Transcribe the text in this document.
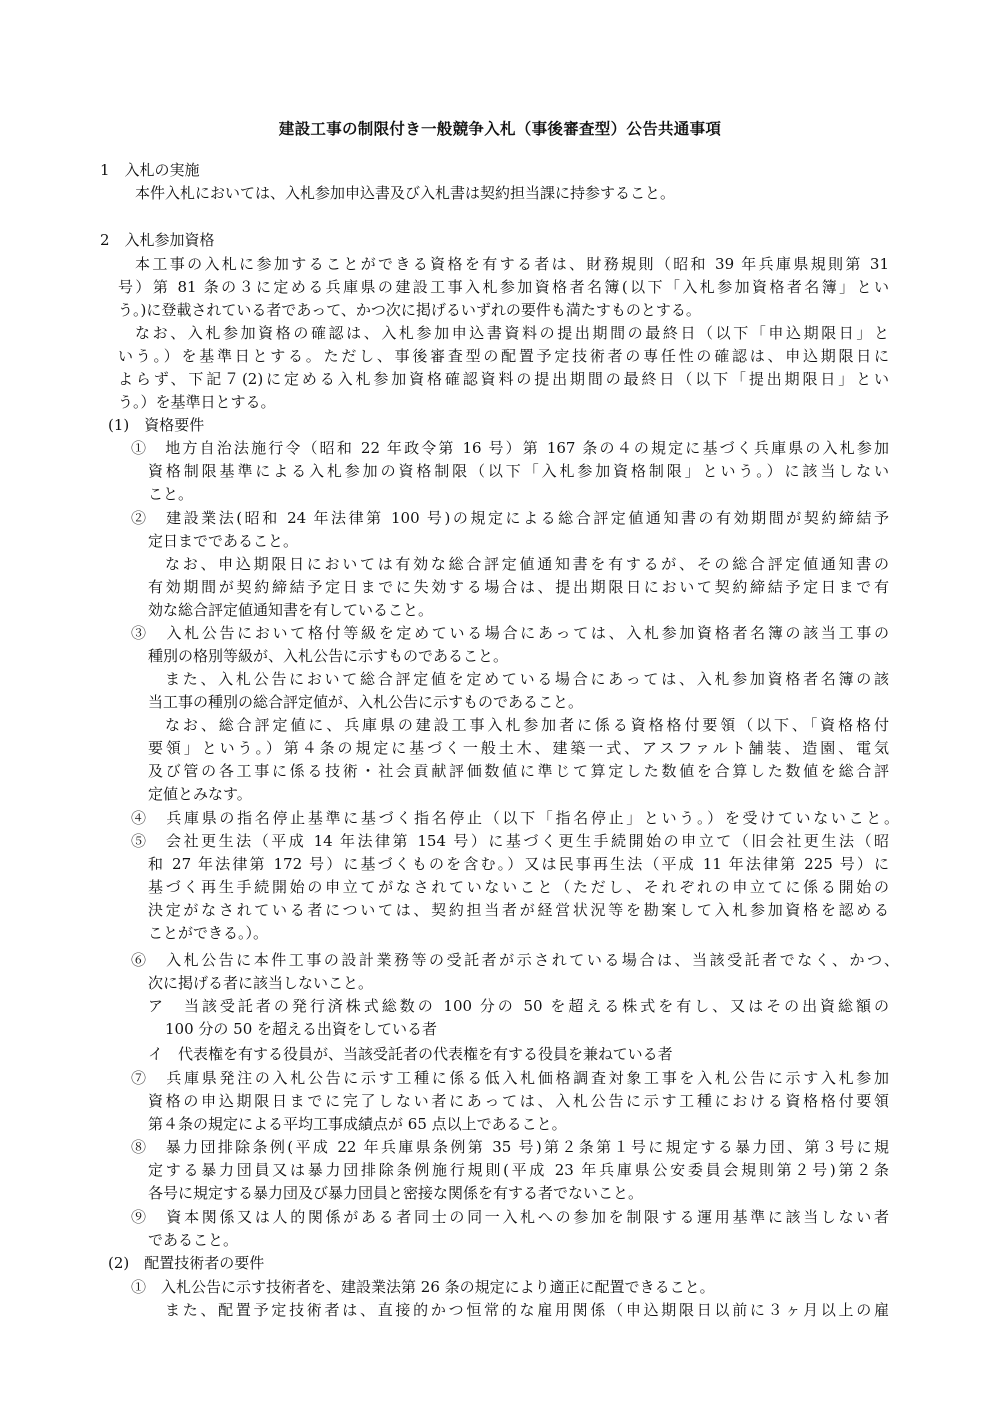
建設工事の制限付き一般競争入札（事後審査型）公告共通事項
1　入札の実施
本件入札においては、入札参加申込書及び入札書は契約担当課に持参すること。
2　入札参加資格
本工事の入札に参加することができる資格を有する者は、財務規則（昭和 39 年兵庫県規則第 31
号）第 81 条の３に定める兵庫県の建設工事入札参加資格者名簿(以下「入札参加資格者名簿」とい
う。)に登載されている者であって、かつ次に掲げるいずれの要件も満たすものとする。
なお、入札参加資格の確認は、入札参加申込書資料の提出期間の最終日（以下「申込期限日」と
いう。）を基準日とする。ただし、事後審査型の配置予定技術者の専任性の確認は、申込期限日に
よらず、下記７(2)に定める入札参加資格確認資料の提出期間の最終日（以下「提出期限日」とい
う。）を基準日とする。
(1)　資格要件
①　地方自治法施行令（昭和 22 年政令第 16 号）第 167 条の４の規定に基づく兵庫県の入札参加
資格制限基準による入札参加の資格制限（以下「入札参加資格制限」という。）に該当しない
こと。
②　建設業法(昭和 24 年法律第 100 号)の規定による総合評定値通知書の有効期間が契約締結予
定日までであること。
なお、申込期限日においては有効な総合評定値通知書を有するが、その総合評定値通知書の
有効期間が契約締結予定日までに失効する場合は、提出期限日において契約締結予定日まで有
効な総合評定値通知書を有していること。
③　入札公告において格付等級を定めている場合にあっては、入札参加資格者名簿の該当工事の
種別の格別等級が、入札公告に示すものであること。
また、入札公告において総合評定値を定めている場合にあっては、入札参加資格者名簿の該
当工事の種別の総合評定値が、入札公告に示すものであること。
なお、総合評定値に、兵庫県の建設工事入札参加者に係る資格格付要領（以下、「資格格付
要領」という。）第４条の規定に基づく一般土木、建築一式、アスファルト舗装、造園、電気
及び管の各工事に係る技術・社会貢献評価数値に準じて算定した数値を合算した数値を総合評
定値とみなす。
④　兵庫県の指名停止基準に基づく指名停止（以下「指名停止」という。）を受けていないこと。
⑤　会社更生法（平成 14 年法律第 154 号）に基づく更生手続開始の申立て（旧会社更生法（昭
和 27 年法律第 172 号）に基づくものを含む。）又は民事再生法（平成 11 年法律第 225 号）に
基づく再生手続開始の申立てがなされていないこと（ただし、それぞれの申立てに係る開始の
決定がなされている者については、契約担当者が経営状況等を勘案して入札参加資格を認める
ことができる。）。
⑥　入札公告に本件工事の設計業務等の受託者が示されている場合は、当該受託者でなく、かつ、
次に掲げる者に該当しないこと。
ア　当該受託者の発行済株式総数の 100 分の 50 を超える株式を有し、又はその出資総額の
100 分の 50 を超える出資をしている者
イ　代表権を有する役員が、当該受託者の代表権を有する役員を兼ねている者
⑦　兵庫県発注の入札公告に示す工種に係る低入札価格調査対象工事を入札公告に示す入札参加
資格の申込期限日までに完了しない者にあっては、入札公告に示す工種における資格格付要領
第４条の規定による平均工事成績点が 65 点以上であること。
⑧　暴力団排除条例(平成 22 年兵庫県条例第 35 号)第２条第１号に規定する暴力団、第３号に規
定する暴力団員又は暴力団排除条例施行規則(平成 23 年兵庫県公安委員会規則第２号)第２条
各号に規定する暴力団及び暴力団員と密接な関係を有する者でないこと。
⑨　資本関係又は人的関係がある者同士の同一入札への参加を制限する運用基準に該当しない者
であること。
(2)　配置技術者の要件
①　入札公告に示す技術者を、建設業法第 26 条の規定により適正に配置できること。
また、配置予定技術者は、直接的かつ恒常的な雇用関係（申込期限日以前に３ヶ月以上の雇
